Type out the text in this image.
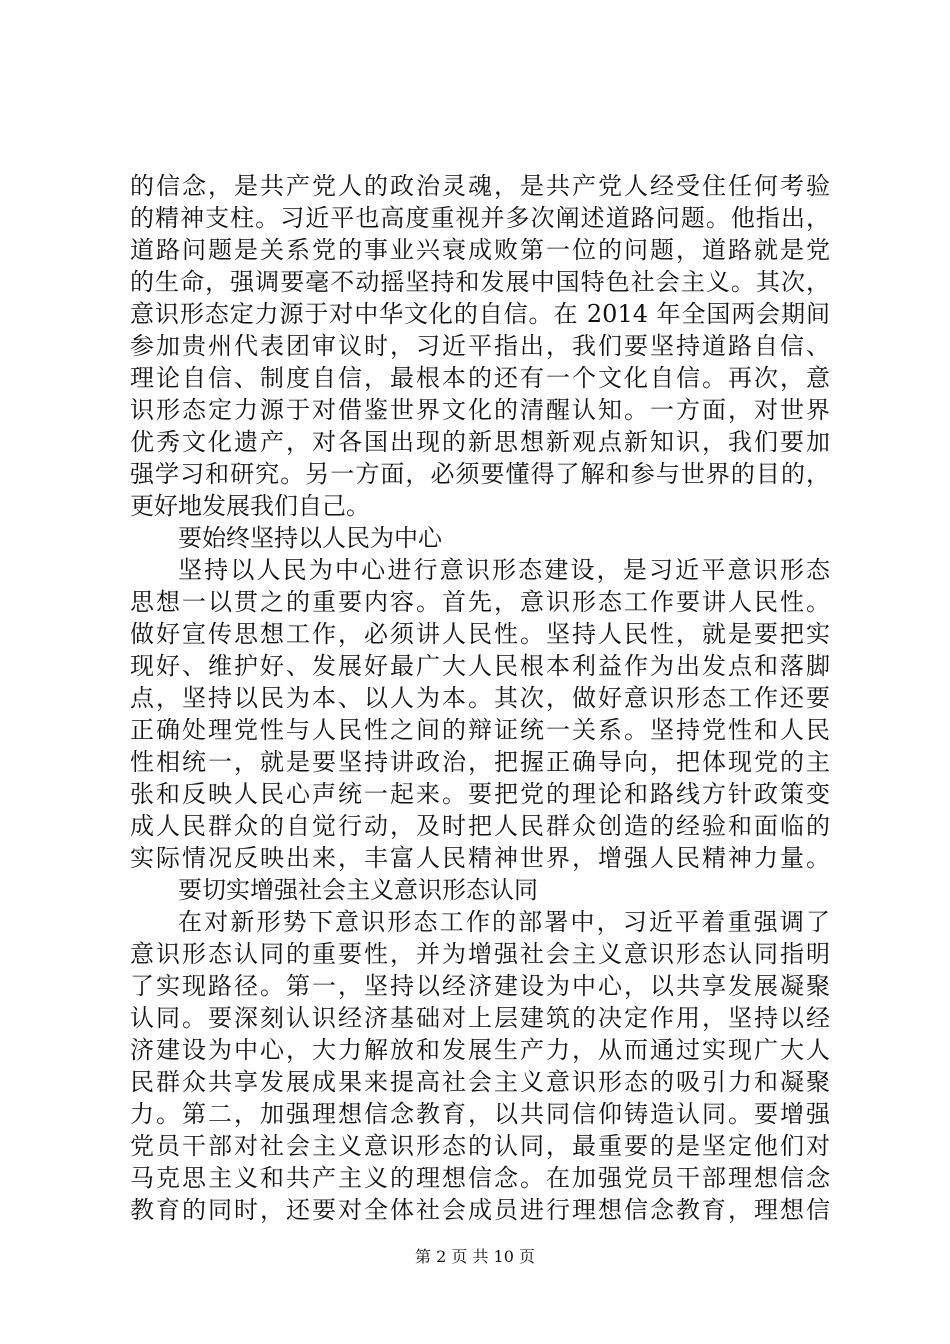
的信念，是共产党人的政治灵魂，是共产党人经受住任何考验
的精神支柱。习近平也高度重视并多次阐述道路问题。他指出，
道路问题是关系党的事业兴衰成败第一位的问题，道路就是党
的生命，强调要毫不动摇坚持和发展中国特色社会主义。其次，
意识形态定力源于对中华文化的自信。在 2014 年全国两会期间
参加贵州代表团审议时，习近平指出，我们要坚持道路自信、
理论自信、制度自信，最根本的还有一个文化自信。再次，意
识形态定力源于对借鉴世界文化的清醒认知。一方面，对世界
优秀文化遗产，对各国出现的新思想新观点新知识，我们要加
强学习和研究。另一方面，必须要懂得了解和参与世界的目的，
更好地发展我们自己。
要始终坚持以人民为中心
坚持以人民为中心进行意识形态建设，是习近平意识形态
思想一以贯之的重要内容。首先，意识形态工作要讲人民性。
做好宣传思想工作，必须讲人民性。坚持人民性，就是要把实
现好、维护好、发展好最广大人民根本利益作为出发点和落脚
点，坚持以民为本、以人为本。其次，做好意识形态工作还要
正确处理党性与人民性之间的辩证统一关系。坚持党性和人民
性相统一，就是要坚持讲政治，把握正确导向，把体现党的主
张和反映人民心声统一起来。要把党的理论和路线方针政策变
成人民群众的自觉行动，及时把人民群众创造的经验和面临的
实际情况反映出来，丰富人民精神世界，增强人民精神力量。
要切实增强社会主义意识形态认同
在对新形势下意识形态工作的部署中，习近平着重强调了
意识形态认同的重要性，并为增强社会主义意识形态认同指明
了实现路径。第一，坚持以经济建设为中心，以共享发展凝聚
认同。要深刻认识经济基础对上层建筑的决定作用，坚持以经
济建设为中心，大力解放和发展生产力，从而通过实现广大人
民群众共享发展成果来提高社会主义意识形态的吸引力和凝聚
力。第二，加强理想信念教育，以共同信仰铸造认同。要增强
党员干部对社会主义意识形态的认同，最重要的是坚定他们对
马克思主义和共产主义的理想信念。在加强党员干部理想信念
教育的同时，还要对全体社会成员进行理想信念教育，理想信
第 2 页 共 10 页
